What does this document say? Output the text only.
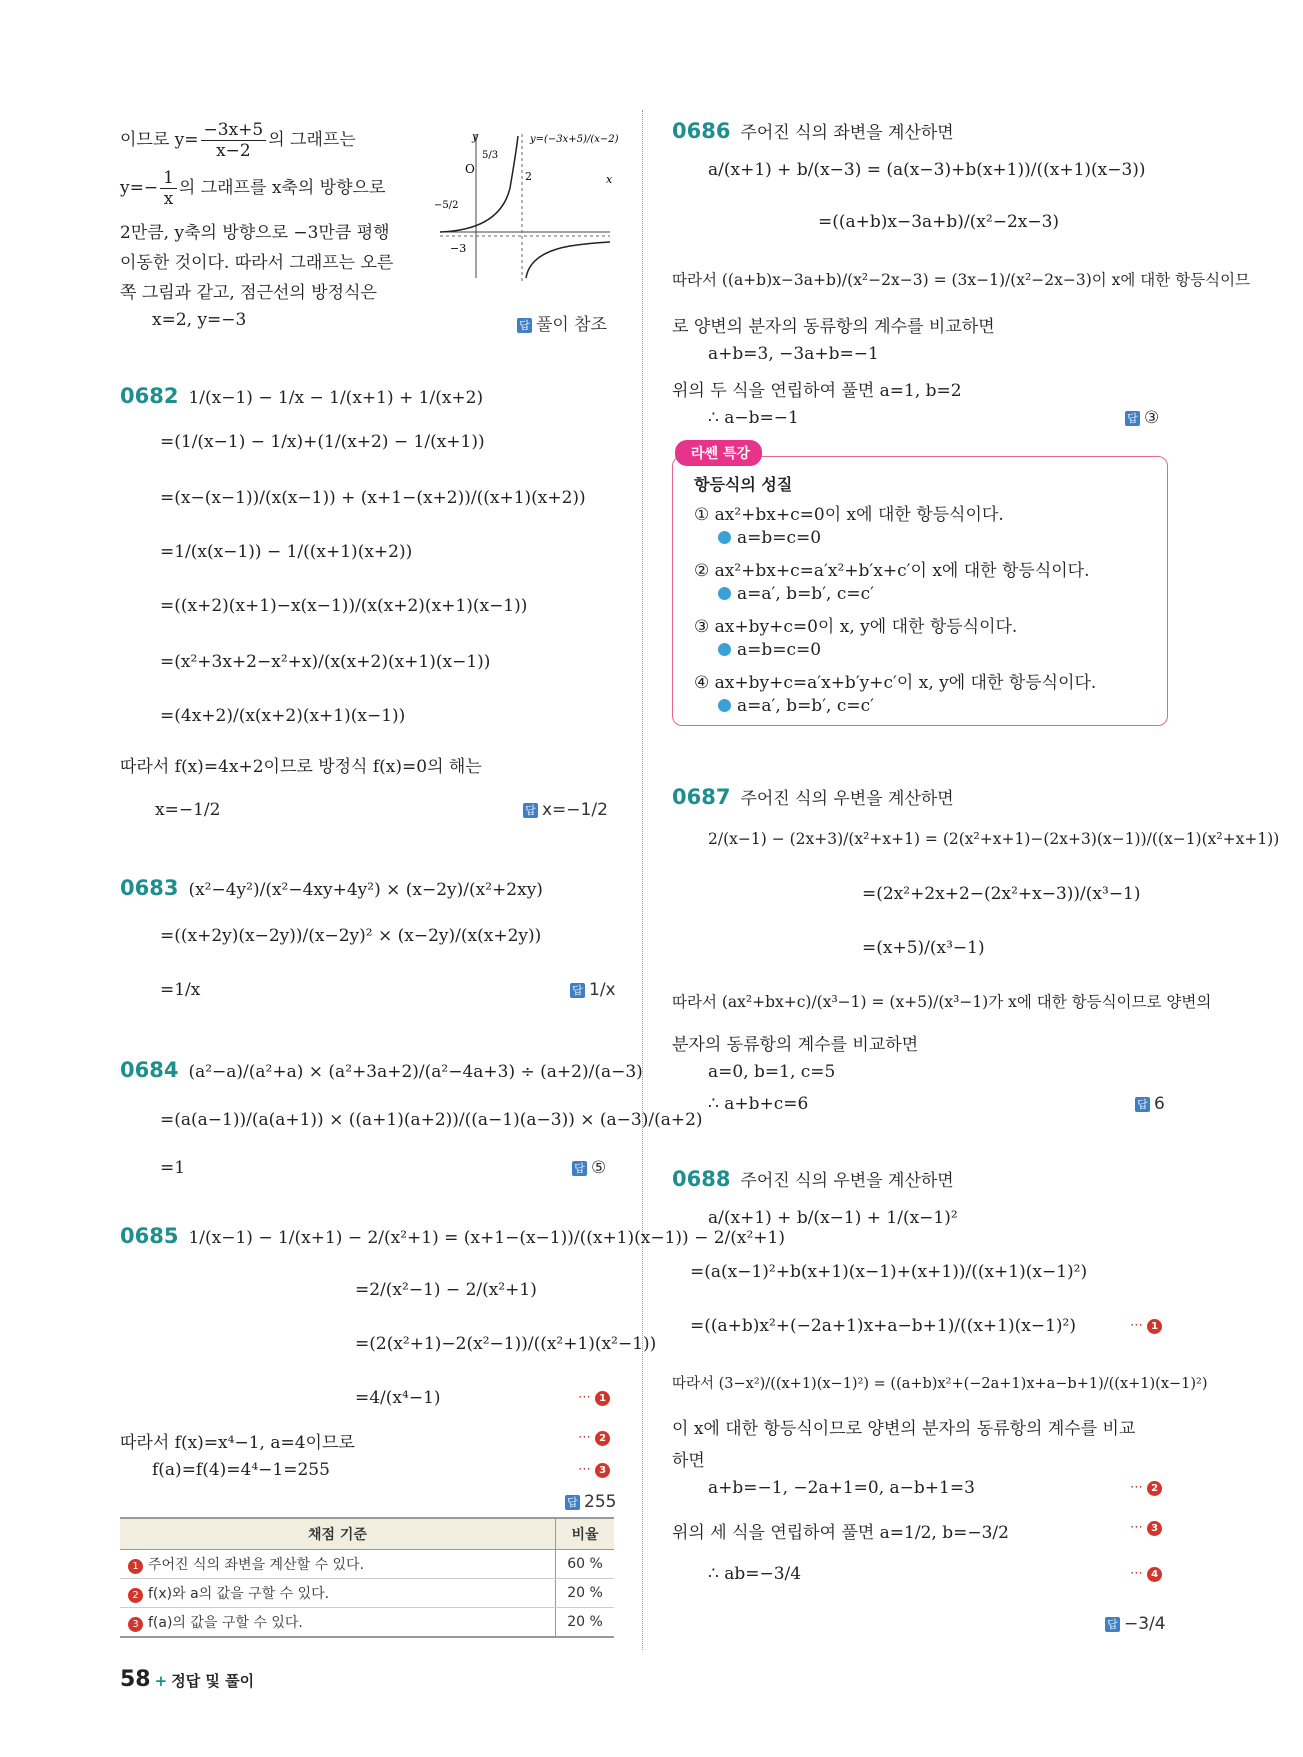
이므로 $y= \frac{-3x+5}{x-2}$ 의 그래프는
$y=- \frac{1}{x}$ 의 그래프를 x축의 방향으로
2만큼, y축의 방향으로 −3만큼 평행
이동한 것이다. 따라서 그래프는 오른
쪽 그림과 같고, 점근선의 방정식은
x=2, y=−3	답 풀이 참조
y
O
x
2
−3
5/3
−5/2
y=(−3x+5)/(x−2)
0682 1/(x−1) − 1/x − 1/(x+1) + 1/(x+2)
=(1/(x−1) − 1/x)+(1/(x+2) − 1/(x+1))
=(x−(x−1))/(x(x−1)) + (x+1−(x+2))/((x+1)(x+2))
=1/(x(x−1)) − 1/((x+1)(x+2))
=((x+2)(x+1)−x(x−1))/(x(x+2)(x+1)(x−1))
=(x²+3x+2−x²+x)/(x(x+2)(x+1)(x−1))
=(4x+2)/(x(x+2)(x+1)(x−1))
따라서 f(x)=4x+2이므로 방정식 f(x)=0의 해는
x=−1/2	답 x=−1/2
0683 (x²−4y²)/(x²−4xy+4y²) × (x−2y)/(x²+2xy)
=((x+2y)(x−2y))/(x−2y)² × (x−2y)/(x(x+2y))
=1/x	답 1/x
0684 (a²−a)/(a²+a) × (a²+3a+2)/(a²−4a+3) ÷ (a+2)/(a−3)
=(a(a−1))/(a(a+1)) × ((a+1)(a+2))/((a−1)(a−3)) × (a−3)/(a+2)
=1	답 ⑤
0685 1/(x−1) − 1/(x+1) − 2/(x²+1) = (x+1−(x−1))/((x+1)(x−1)) − 2/(x²+1)
=2/(x²−1) − 2/(x²+1)
=(2(x²+1)−2(x²−1))/((x²+1)(x²−1))
=4/(x⁴−1)	⋯ 1
따라서 f(x)=x⁴−1, a=4이므로	⋯ 2
f(a)=f(4)=4⁴−1=255	⋯ 3
답 255
채점 기준	비율
1 주어진 식의 좌변을 계산할 수 있다.	60 %
2 f(x)와 a의 값을 구할 수 있다.	20 %
3 f(a)의 값을 구할 수 있다.	20 %
0686 주어진 식의 좌변을 계산하면
a/(x+1) + b/(x−3) = (a(x−3)+b(x+1))/((x+1)(x−3))
=((a+b)x−3a+b)/(x²−2x−3)
따라서 ((a+b)x−3a+b)/(x²−2x−3) = (3x−1)/(x²−2x−3)이 x에 대한 항등식이므
로 양변의 분자의 동류항의 계수를 비교하면
a+b=3, −3a+b=−1
위의 두 식을 연립하여 풀면 a=1, b=2
∴ a−b=−1	답 ③
라쎈 특강
항등식의 성질
① ax²+bx+c=0이 x에 대한 항등식이다.
a=b=c=0
② ax²+bx+c=a′x²+b′x+c′이 x에 대한 항등식이다.
a=a′, b=b′, c=c′
③ ax+by+c=0이 x, y에 대한 항등식이다.
a=b=c=0
④ ax+by+c=a′x+b′y+c′이 x, y에 대한 항등식이다.
a=a′, b=b′, c=c′
0687 주어진 식의 우변을 계산하면
2/(x−1) − (2x+3)/(x²+x+1) = (2(x²+x+1)−(2x+3)(x−1))/((x−1)(x²+x+1))
=(2x²+2x+2−(2x²+x−3))/(x³−1)
=(x+5)/(x³−1)
따라서 (ax²+bx+c)/(x³−1) = (x+5)/(x³−1)가 x에 대한 항등식이므로 양변의
분자의 동류항의 계수를 비교하면
a=0, b=1, c=5
∴ a+b+c=6	답 6
0688 주어진 식의 우변을 계산하면
a/(x+1) + b/(x−1) + 1/(x−1)²
=(a(x−1)²+b(x+1)(x−1)+(x+1))/((x+1)(x−1)²)
=((a+b)x²+(−2a+1)x+a−b+1)/((x+1)(x−1)²)	⋯ 1
따라서 (3−x²)/((x+1)(x−1)²) = ((a+b)x²+(−2a+1)x+a−b+1)/((x+1)(x−1)²)
이 x에 대한 항등식이므로 양변의 분자의 동류항의 계수를 비교
하면
a+b=−1, −2a+1=0, a−b+1=3	⋯ 2
위의 세 식을 연립하여 풀면 a=1/2, b=−3/2	⋯ 3
∴ ab=−3/4	⋯ 4
답 −3/4
58 + 정답 및 풀이
